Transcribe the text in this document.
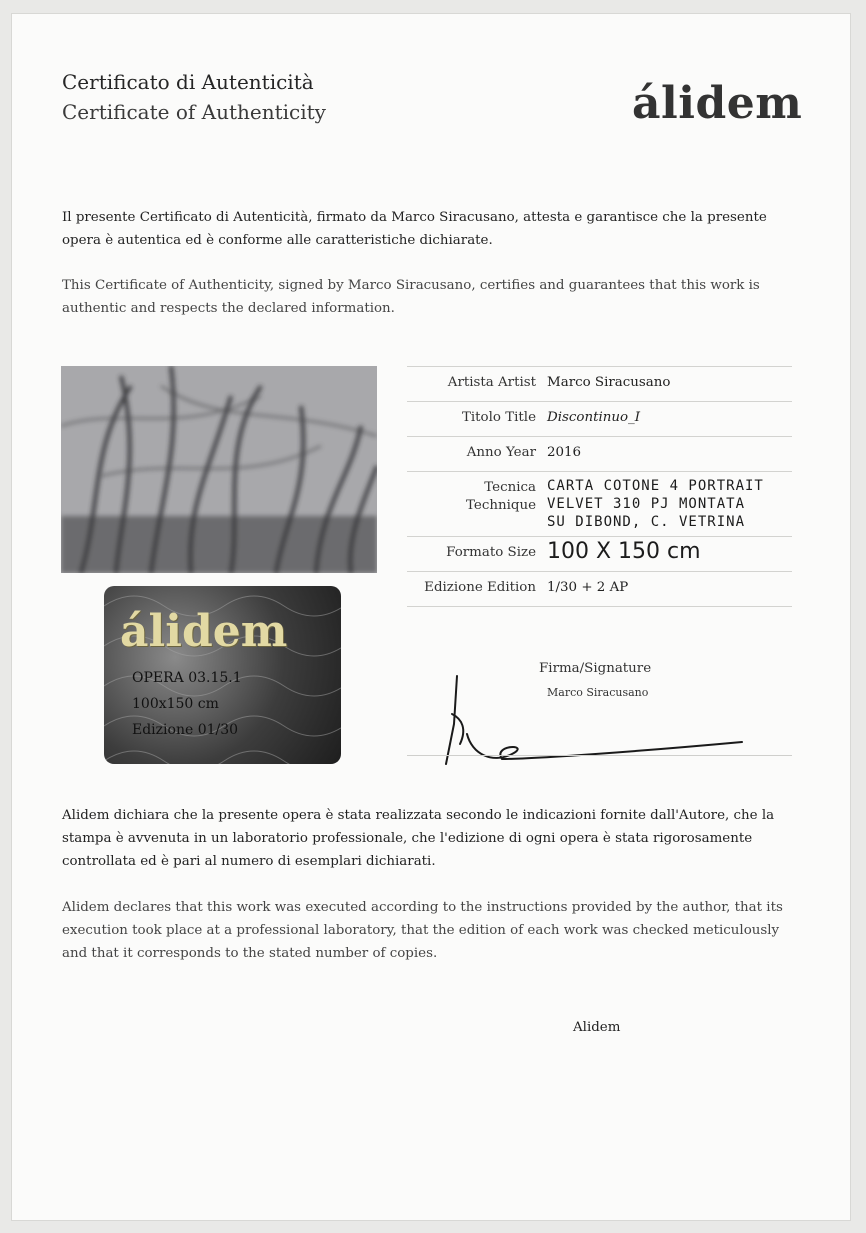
Certificato di Autenticità
Certificate of Authenticity	álidem
Il presente Certificato di Autenticità, firmato da Marco Siracusano, attesta e garantisce che la presente opera è autentica ed è conforme alle caratteristiche dichiarate.
This Certificate of Authenticity, signed by Marco Siracusano, certifies and guarantees that this work is authentic and respects the declared information.
álidem
OPERA 03.15.1
100x150 cm
Edizione 01/30
Artista Artist Marco Siracusano
Titolo Title Discontinuo_I
Anno Year 2016
Tecnica
Technique
CARTA COTONE 4 PORTRAIT
VELVET 310 PJ MONTATA
SU DIBOND, C. VETRINA
Formato Size 100 X 150 cm
Edizione Edition 1/30 + 2 AP
Firma/Signature
Marco Siracusano
Alidem dichiara che la presente opera è stata realizzata secondo le indicazioni fornite dall'Autore, che la stampa è avvenuta in un laboratorio professionale, che l'edizione di ogni opera è stata rigorosamente controllata ed è pari al numero di esemplari dichiarati.
Alidem declares that this work was executed according to the instructions provided by the author, that its execution took place at a professional laboratory, that the edition of each work was checked meticulously and that it corresponds to the stated number of copies.
Alidem
